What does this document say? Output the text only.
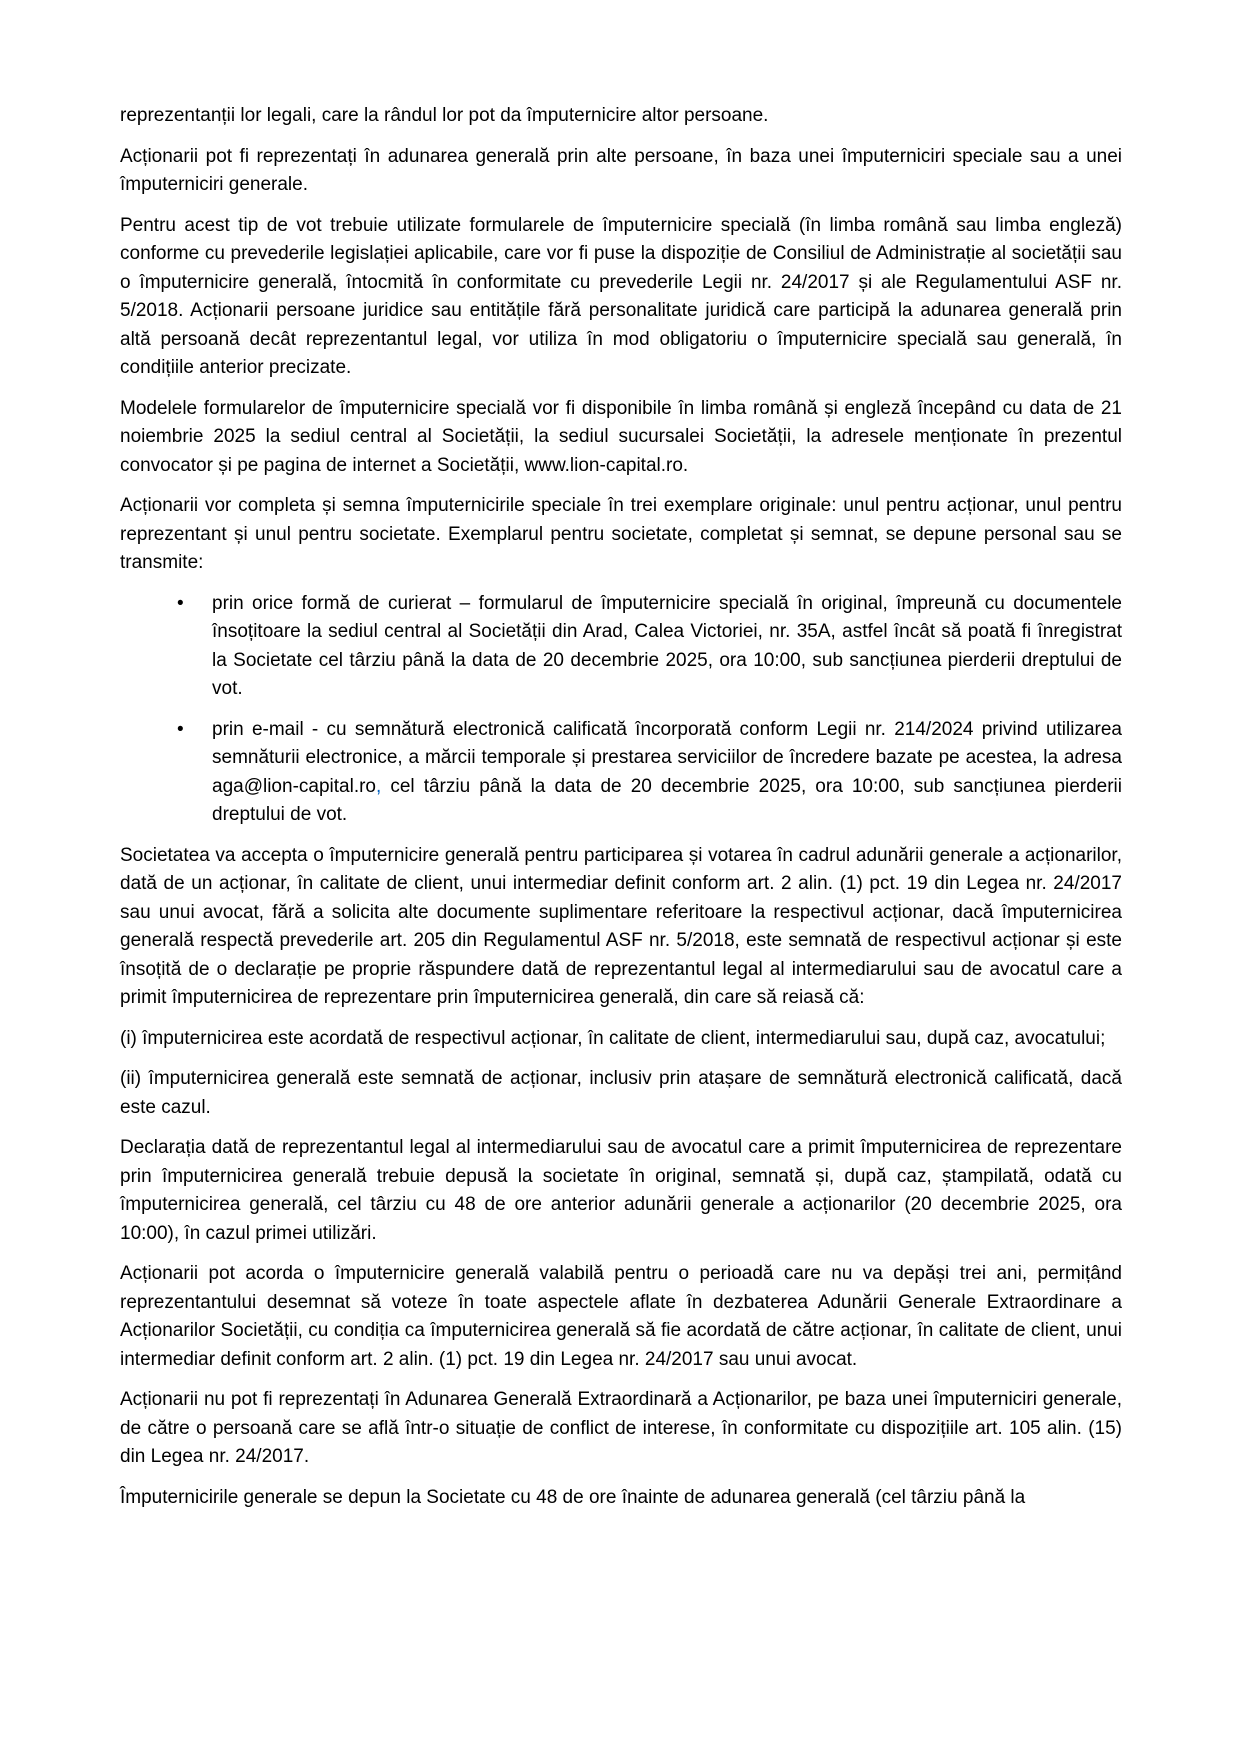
reprezentanții lor legali, care la rândul lor pot da împuternicire altor persoane.

Acționarii pot fi reprezentați în adunarea generală prin alte persoane, în baza unei împuterniciri speciale sau a unei împuterniciri generale.

Pentru acest tip de vot trebuie utilizate formularele de împuternicire specială (în limba română sau limba engleză) conforme cu prevederile legislației aplicabile, care vor fi puse la dispoziție de Consiliul de Administrație al societății sau o împuternicire generală, întocmită în conformitate cu prevederile Legii nr. 24/2017 și ale Regulamentului ASF nr. 5/2018. Acționarii persoane juridice sau entitățile fără personalitate juridică care participă la adunarea generală prin altă persoană decât reprezentantul legal, vor utiliza în mod obligatoriu o împuternicire specială sau generală, în condițiile anterior precizate.

Modelele formularelor de împuternicire specială vor fi disponibile în limba română și engleză începând cu data de 21 noiembrie 2025 la sediul central al Societății, la sediul sucursalei Societății, la adresele menționate în prezentul convocator și pe pagina de internet a Societății, www.lion-capital.ro.

Acționarii vor completa și semna împuternicirile speciale în trei exemplare originale: unul pentru acționar, unul pentru reprezentant și unul pentru societate. Exemplarul pentru societate, completat și semnat, se depune personal sau se transmite:

• prin orice formă de curierat – formularul de împuternicire specială în original, împreună cu documentele însoțitoare la sediul central al Societății din Arad, Calea Victoriei, nr. 35A, astfel încât să poată fi înregistrat la Societate cel târziu până la data de 20 decembrie 2025, ora 10:00, sub sancțiunea pierderii dreptului de vot.
• prin e-mail - cu semnătură electronică calificată încorporată conform Legii nr. 214/2024 privind utilizarea semnăturii electronice, a mărcii temporale și prestarea serviciilor de încredere bazate pe acestea, la adresa aga@lion-capital.ro, cel târziu până la data de 20 decembrie 2025, ora 10:00, sub sancțiunea pierderii dreptului de vot.

Societatea va accepta o împuternicire generală pentru participarea și votarea în cadrul adunării generale a acționarilor, dată de un acționar, în calitate de client, unui intermediar definit conform art. 2 alin. (1) pct. 19 din Legea nr. 24/2017 sau unui avocat, fără a solicita alte documente suplimentare referitoare la respectivul acționar, dacă împuternicirea generală respectă prevederile art. 205 din Regulamentul ASF nr. 5/2018, este semnată de respectivul acționar și este însoțită de o declarație pe proprie răspundere dată de reprezentantul legal al intermediarului sau de avocatul care a primit împuternicirea de reprezentare prin împuternicirea generală, din care să reiasă că:

(i) împuternicirea este acordată de respectivul acționar, în calitate de client, intermediarului sau, după caz, avocatului;

(ii) împuternicirea generală este semnată de acționar, inclusiv prin atașare de semnătură electronică calificată, dacă este cazul.

Declarația dată de reprezentantul legal al intermediarului sau de avocatul care a primit împuternicirea de reprezentare prin împuternicirea generală trebuie depusă la societate în original, semnată și, după caz, ștampilată, odată cu împuternicirea generală, cel târziu cu 48 de ore anterior adunării generale a acționarilor (20 decembrie 2025, ora 10:00), în cazul primei utilizări.

Acționarii pot acorda o împuternicire generală valabilă pentru o perioadă care nu va depăși trei ani, permițând reprezentantului desemnat să voteze în toate aspectele aflate în dezbaterea Adunării Generale Extraordinare a Acționarilor Societății, cu condiția ca împuternicirea generală să fie acordată de către acționar, în calitate de client, unui intermediar definit conform art. 2 alin. (1) pct. 19 din Legea nr. 24/2017 sau unui avocat.

Acționarii nu pot fi reprezentați în Adunarea Generală Extraordinară a Acționarilor, pe baza unei împuterniciri generale, de către o persoană care se află într-o situație de conflict de interese, în conformitate cu dispozițiile art. 105 alin. (15) din Legea nr. 24/2017.

Împuternicirile generale se depun la Societate cu 48 de ore înainte de adunarea generală (cel târziu până la
